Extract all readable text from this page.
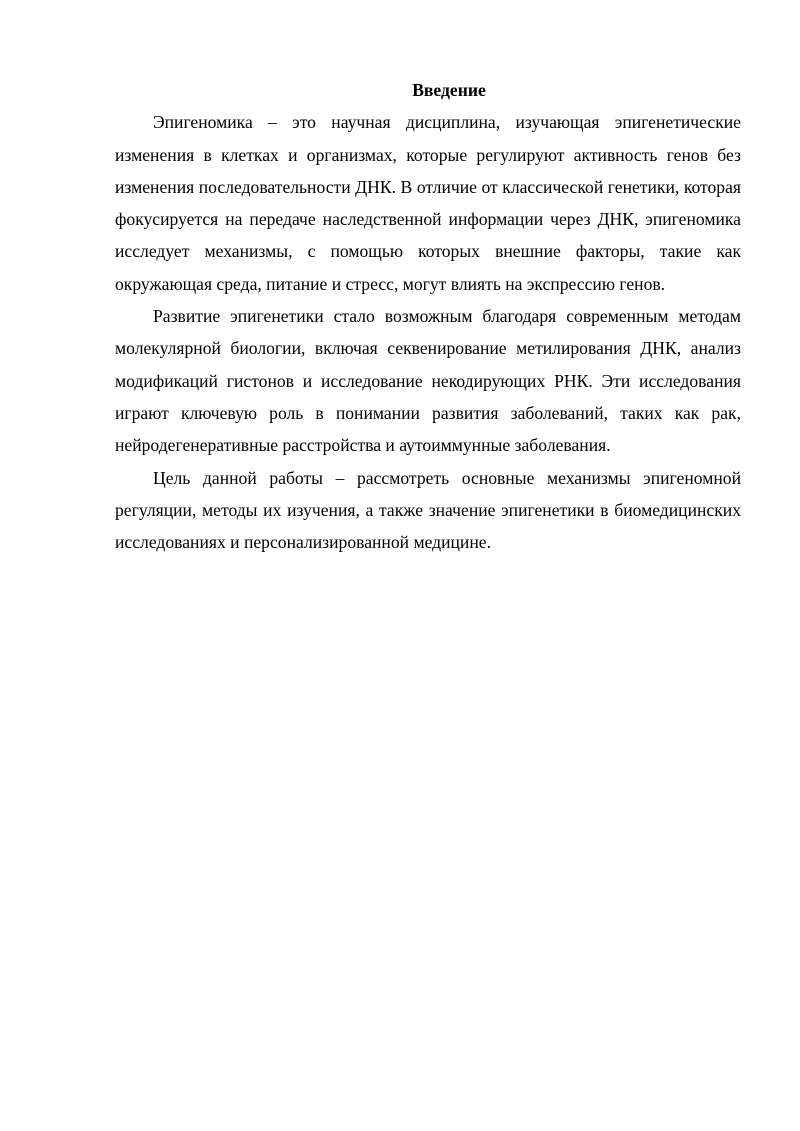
Введение

Эпигеномика – это научная дисциплина, изучающая эпигенетические изменения в клетках и организмах, которые регулируют активность генов без изменения последовательности ДНК. В отличие от классической генетики, которая фокусируется на передаче наследственной информации через ДНК, эпигеномика исследует механизмы, с помощью которых внешние факторы, такие как окружающая среда, питание и стресс, могут влиять на экспрессию генов.

Развитие эпигенетики стало возможным благодаря современным методам молекулярной биологии, включая секвенирование метилирования ДНК, анализ модификаций гистонов и исследование некодирующих РНК. Эти исследования играют ключевую роль в понимании развития заболеваний, таких как рак, нейродегенеративные расстройства и аутоиммунные заболевания.

Цель данной работы – рассмотреть основные механизмы эпигеномной регуляции, методы их изучения, а также значение эпигенетики в биомедицинских исследованиях и персонализированной медицине.
